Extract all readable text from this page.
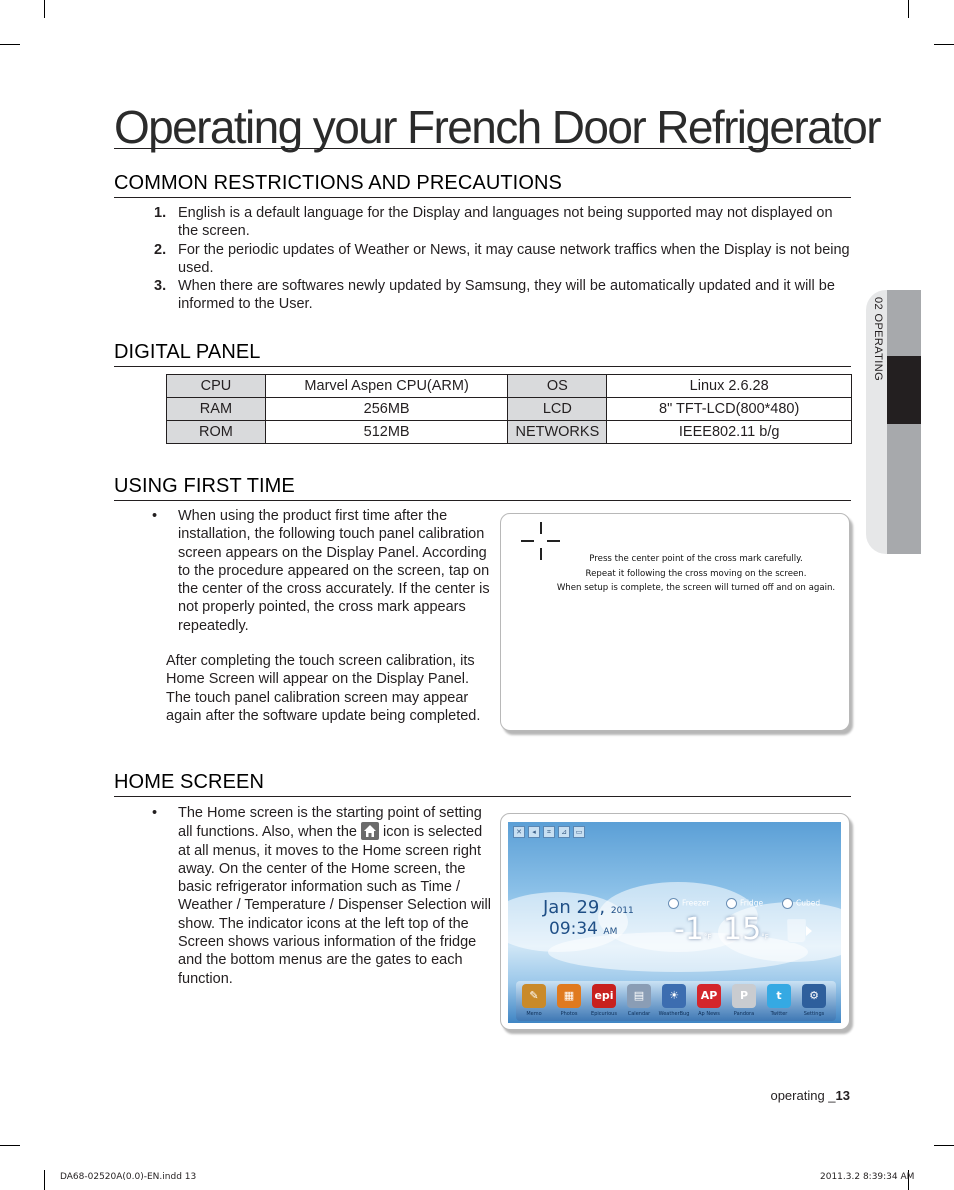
02 OPERATING
Operating your French Door Refrigerator
COMMON RESTRICTIONS AND PRECAUTIONS
1. English is a default language for the Display and languages not being supported may not displayed on the screen.
2. For the periodic updates of Weather or News, it may cause network traffics when the Display is not being used.
3. When there are softwares newly updated by Samsung, they will be automatically updated and it will be informed to the User.
DIGITAL PANEL
CPU	Marvel Aspen CPU(ARM)	OS	Linux 2.6.28
RAM	256MB	LCD	8" TFT-LCD(800*480)
ROM	512MB	NETWORKS	IEEE802.11 b/g
USING FIRST TIME
• When using the product first time after the installation, the following touch panel calibration screen appears on the Display Panel. According to the procedure appeared on the screen, tap on the center of the cross accurately. If the center is not properly pointed, the cross mark appears repeatedly.
After completing the touch screen calibration, its Home Screen will appear on the Display Panel. The touch panel calibration screen may appear again after the software update being completed.
Press the center point of the cross mark carefully.
Repeat it following the cross moving on the screen.
When setup is complete, the screen will turned off and on again.
HOME SCREEN
• The Home screen is the starting point of setting all functions. Also, when the icon is selected at all menus, it moves to the Home screen right away. On the center of the Home screen, the basic refrigerator information such as Time / Weather / Temperature / Dispenser Selection will show. The indicator icons at the left top of the Screen shows various information of the fridge and the bottom menus are the gates to each function.
✕	◂	⌗	⊿	▭
Jan 29, 2011
09:34 AM
Freezer	Fridge	Cubed
-1°F 15°F
✎
Memo
▦
Photos
epi
Epicurious
▤
Calendar
☀
WeatherBug
AP
Ap News
P
Pandora
t
Twitter
⚙
Settings
operating _13
DA68-02520A(0.0)-EN.indd 13	2011.3.2 8:39:34 AM
